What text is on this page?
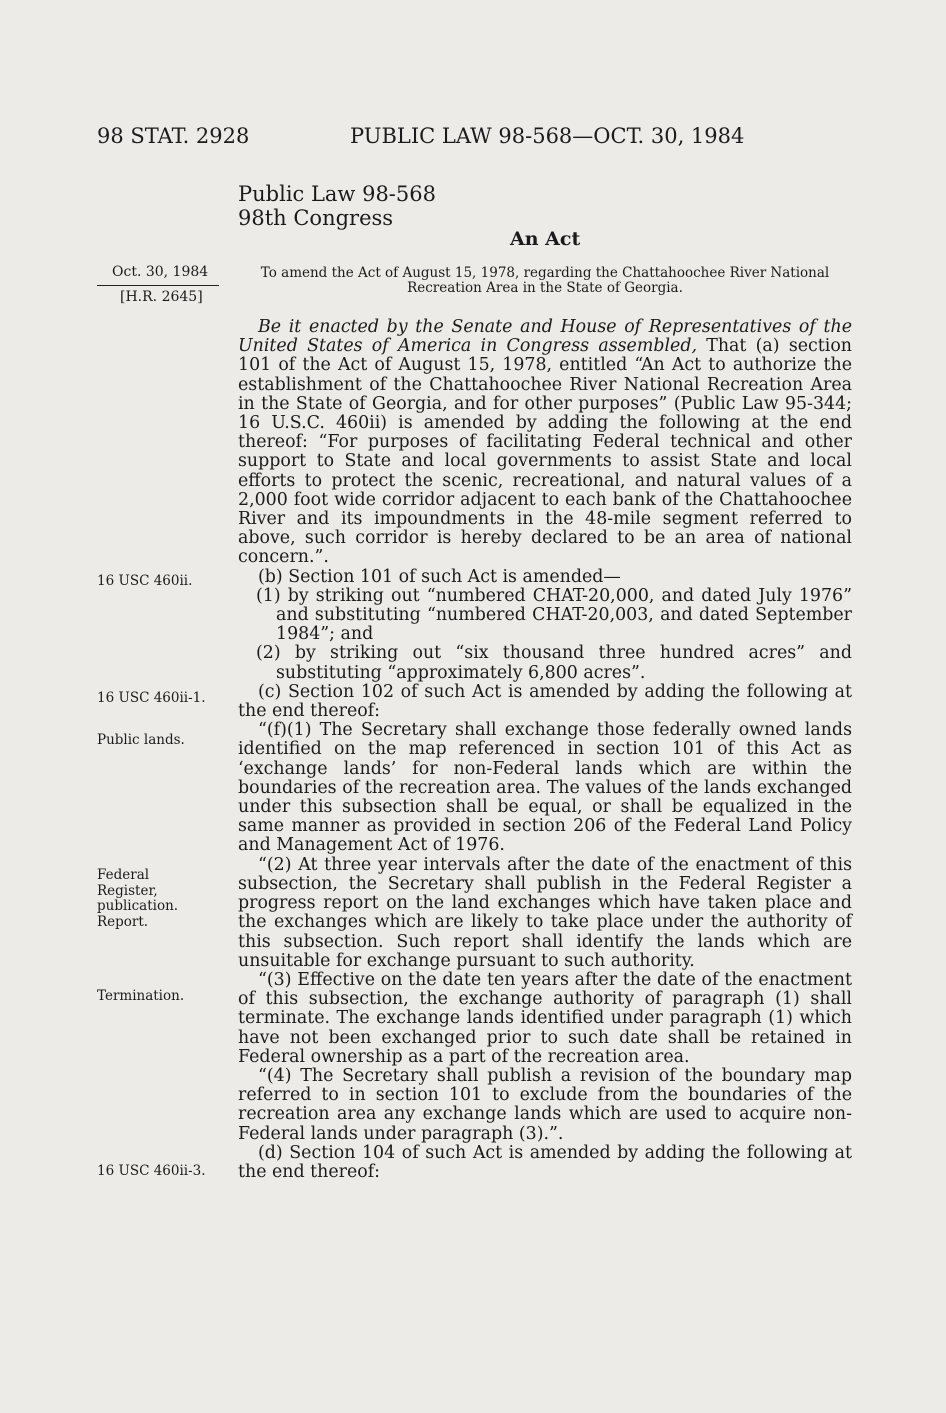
98 STAT. 2928	PUBLIC LAW 98-568—OCT. 30, 1984
Public Law 98-568
98th Congress
An Act
Oct. 30, 1984
[H.R. 2645]
To amend the Act of August 15, 1978, regarding the Chattahoochee River National Recreation Area in the State of Georgia.
16 USC 460ii.
16 USC 460ii-1.
Public lands.
Federal
Register,
publication.
Report.
Termination.
16 USC 460ii-3.

Be it enacted by the Senate and House of Representatives of the United States of America in Congress assembled, That (a) section 101 of the Act of August 15, 1978, entitled “An Act to authorize the establishment of the Chattahoochee River National Recreation Area in the State of Georgia, and for other purposes” (Public Law 95-344; 16 U.S.C. 460ii) is amended by adding the following at the end thereof: “For purposes of facilitating Federal technical and other support to State and local governments to assist State and local efforts to protect the scenic, recreational, and natural values of a 2,000 foot wide corridor adjacent to each bank of the Chattahoochee River and its impoundments in the 48-mile segment referred to above, such corridor is hereby declared to be an area of national concern.”.

(b) Section 101 of such Act is amended—

(1) by striking out “numbered CHAT-20,000, and dated July 1976” and substituting “numbered CHAT-20,003, and dated September 1984”; and

(2) by striking out “six thousand three hundred acres” and substituting “approximately 6,800 acres”.

(c) Section 102 of such Act is amended by adding the following at the end thereof:

“(f)(1) The Secretary shall exchange those federally owned lands identified on the map referenced in section 101 of this Act as ‘exchange lands’ for non-Federal lands which are within the boundaries of the recreation area. The values of the lands exchanged under this subsection shall be equal, or shall be equalized in the same manner as provided in section 206 of the Federal Land Policy and Management Act of 1976.

“(2) At three year intervals after the date of the enactment of this subsection, the Secretary shall publish in the Federal Register a progress report on the land exchanges which have taken place and the exchanges which are likely to take place under the authority of this subsection. Such report shall identify the lands which are unsuitable for exchange pursuant to such authority.

“(3) Effective on the date ten years after the date of the enactment of this subsection, the exchange authority of paragraph (1) shall terminate. The exchange lands identified under paragraph (1) which have not been exchanged prior to such date shall be retained in Federal ownership as a part of the recreation area.

“(4) The Secretary shall publish a revision of the boundary map referred to in section 101 to exclude from the boundaries of the recreation area any exchange lands which are used to acquire non-Federal lands under paragraph (3).”.

(d) Section 104 of such Act is amended by adding the following at the end thereof:
